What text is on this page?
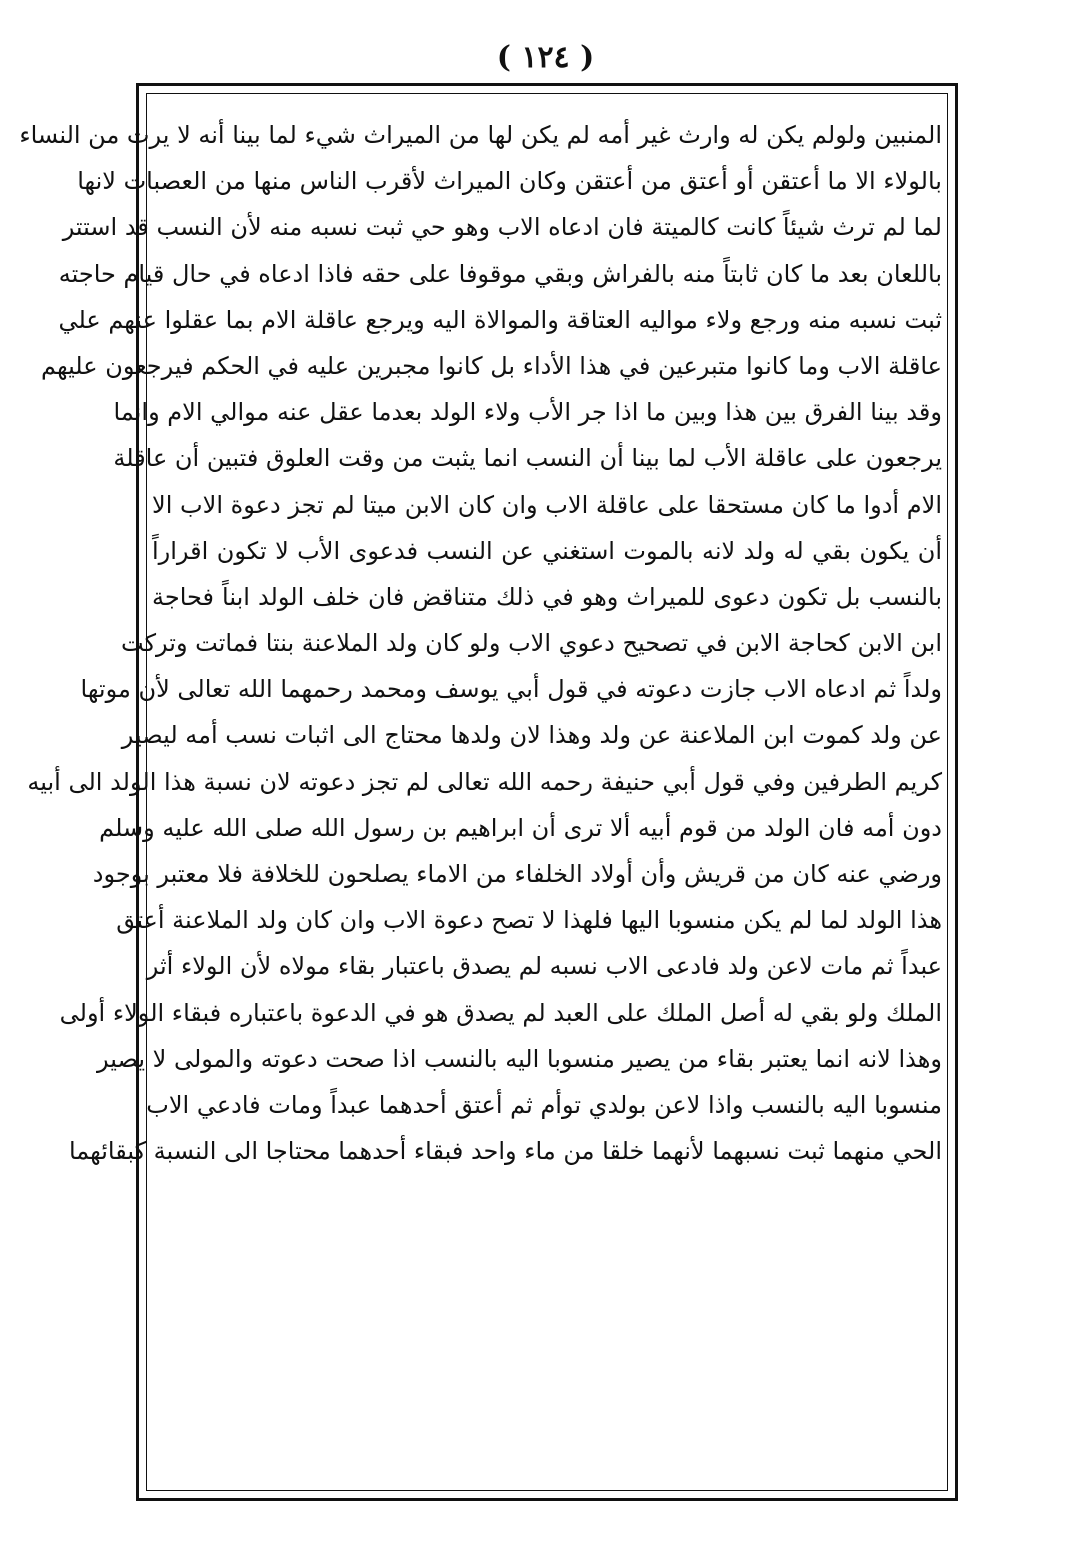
( ١٢٤ )
المنبين ولولم يكن له وارث غير أمه لم يكن لها من الميراث شيء لما بينا أنه لا يرث من النساء
بالولاء الا ما أعتقن أو أعتق من أعتقن وكان الميراث لأقرب الناس منها من العصبات لانها
لما لم ترث شيئاً كانت كالميتة فان ادعاه الاب وهو حي ثبت نسبه منه لأن النسب قد استتر
باللعان بعد ما كان ثابتاً منه بالفراش وبقي موقوفا على حقه فاذا ادعاه في حال قيام حاجته
ثبت نسبه منه ورجع ولاء مواليه العتاقة والموالاة اليه ويرجع عاقلة الام بما عقلوا عنهم علي
عاقلة الاب وما كانوا متبرعين في هذا الأداء بل كانوا مجبرين عليه في الحكم فيرجعون عليهم
وقد بينا الفرق بين هذا وبين ما اذا جر الأب ولاء الولد بعدما عقل عنه موالي الام وانما
يرجعون على عاقلة الأب لما بينا أن النسب انما يثبت من وقت العلوق فتبين أن عاقلة
الام أدوا ما كان مستحقا على عاقلة الاب وان كان الابن ميتا لم تجز دعوة الاب الا
أن يكون بقي له ولد لانه بالموت استغني عن النسب فدعوى الأب لا تكون اقراراً
بالنسب بل تكون دعوى للميراث وهو في ذلك متناقض فان خلف الولد ابناً فحاجة
ابن الابن كحاجة الابن في تصحيح دعوي الاب ولو كان ولد الملاعنة بنتا فماتت وتركت
ولداً ثم ادعاه الاب جازت دعوته في قول أبي يوسف ومحمد رحمهما الله تعالى لأن موتها
عن ولد كموت ابن الملاعنة عن ولد وهذا لان ولدها محتاج الى اثبات نسب أمه ليصير
كريم الطرفين وفي قول أبي حنيفة رحمه الله تعالى لم تجز دعوته لان نسبة هذا الولد الى أبيه
دون أمه فان الولد من قوم أبيه ألا ترى أن ابراهيم بن رسول الله صلى الله عليه وسلم
ورضي عنه كان من قريش وأن أولاد الخلفاء من الاماء يصلحون للخلافة فلا معتبر بوجود
هذا الولد لما لم يكن منسوبا اليها فلهذا لا تصح دعوة الاب وان كان ولد الملاعنة أعتق
عبداً ثم مات لاعن ولد فادعى الاب نسبه لم يصدق باعتبار بقاء مولاه لأن الولاء أثر
الملك ولو بقي له أصل الملك على العبد لم يصدق هو في الدعوة باعتباره فبقاء الولاء أولى
وهذا لانه انما يعتبر بقاء من يصير منسوبا اليه بالنسب اذا صحت دعوته والمولى لا يصير
منسوبا اليه بالنسب واذا لاعن بولدي توأم ثم أعتق أحدهما عبداً ومات فادعي الاب
الحي منهما ثبت نسبهما لأنهما خلقا من ماء واحد فبقاء أحدهما محتاجا الى النسبة كبقائهما
